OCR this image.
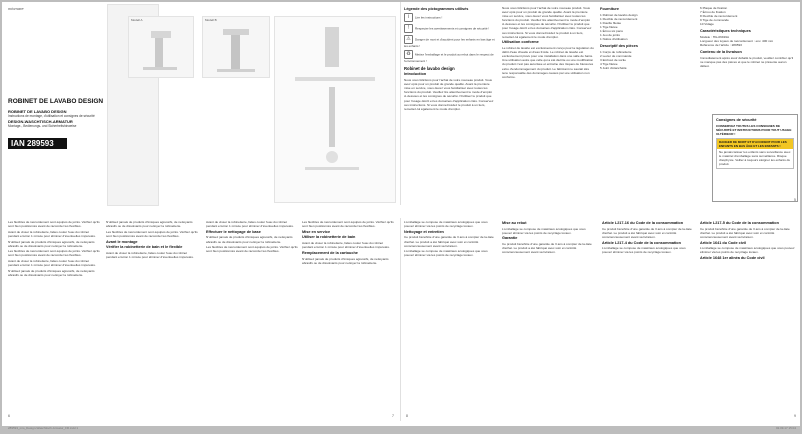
miomare
Modell A	Modell B
ROBINET DE LAVABO DESIGN
ROBINET DE LAVABO DESIGN
Instructions de montage, d'utilisation et consignes de sécurité
DESIGN-WASCHTISCH-ARMATUR
Montage-, Bedienungs- und Sicherheitshinweise
IAN 289593
Légende des pictogrammes utilisés
i Lire les instructions !
! Respecter les avertissements et consignes de sécurité !
⚠ Danger de mort et d'accident pour les enfants en bas âge et les enfants !
♻ Mettez l'emballage et le produit au rebut dans le respect de l'environnement !
Robinet de lavabo design
Introduction

Nous vous félicitons pour l'achat de votre nouveau produit. Vous avez opté pour un produit de grande qualité. Avant la première mise en service, vous devez vous familiariser avec toutes les fonctions du produit. Veuillez lire attentivement le mode d'emploi ci-dessous et les consignes de sécurité. N'utilisez le produit que pour l'usage décrit et les domaines d'application cités. Conservez ces instructions. Si vous donnez/cédez le produit à un tiers, remettez-lui également le mode d'emploi.

Nous vous félicitons pour l'achat de votre nouveau produit. Vous avez opté pour un produit de grande qualité. Avant la première mise en service, vous devez vous familiariser avec toutes les fonctions du produit. Veuillez lire attentivement le mode d'emploi ci-dessous et les consignes de sécurité. N'utilisez le produit que pour l'usage décrit et les domaines d'application cités. Conservez ces instructions. Si vous donnez/cédez le produit à un tiers, remettez-lui également le mode d'emploi.

Utilisation conforme

Le robinet de lavabo est exclusivement conçu pour la régulation du débit d'eau chaude et d'eau froide. Le robinet de lavabo est exclusivement prévu pour une installation dans une salle de bains. Une utilisation autre que celle qui a été décrite ou une modification du produit n'est pas autorisée et entraîne des risques de blessures et/ou d'endommagement du produit. Le fabricant ne saurait être tenu responsable des dommages causés par une utilisation non conforme.

Fourniture
1 Robinet de lavabo design
1 Flexible de raccordement
1 Douille filetée
1 Tige filetée
1 Écrou six pans
1 Jeu de joints
1 Notice d'utilisation
Descriptif des pièces
1 Corps de robinetterie
2 Levier de commande
3 Embout de sortie
4 Tige filetée
5 Joint d'étanchéité
6 Plaque de fixation
7 Écrou de fixation
8 Flexible de raccordement
9 Tige de commande
10 Vidage
Caractéristiques techniques
Modèle : HG-06919A
Longueur des tuyaux de raccordement : env. 400 mm
Référence de l'article : 289593
Contenu de la livraison

Immédiatement après avoir déballé le produit, veuillez contrôler qu'il ne manque pas des pièces et que le robinet ne présente aucun défaut.

Consignes de sécurité

CONSERVEZ TOUTES LES CONSIGNES DE SÉCURITÉ ET INSTRUCTIONS POUR TOUT USAGE ULTÉRIEUR !

DANGER DE MORT ET D'ACCIDENT POUR LES ENFANTS EN BAS ÂGE ET LES ENFANTS !
Ne jamais laisser les enfants sans surveillance avec le matériel d'emballage sans surveillance. Risque d'asphyxie. Veiller à toujours éloigner les enfants du produit.
5

Les flexibles de raccordement sont équipés de joints. Vérifiez qu'ils sont bien positionnés avant de raccorder les flexibles.

Avant de visser la robinetterie, faites couler l'eau du robinet pendant environ 1 minute pour éliminer d'éventuelles impuretés.

N'utilisez jamais de produits chimiques agressifs, de nettoyants abrasifs ou de dissolvants pour nettoyer la robinetterie.

Les flexibles de raccordement sont équipés de joints. Vérifiez qu'ils sont bien positionnés avant de raccorder les flexibles.

Avant de visser la robinetterie, faites couler l'eau du robinet pendant environ 1 minute pour éliminer d'éventuelles impuretés.

N'utilisez jamais de produits chimiques agressifs, de nettoyants abrasifs ou de dissolvants pour nettoyer la robinetterie.

N'utilisez jamais de produits chimiques agressifs, de nettoyants abrasifs ou de dissolvants pour nettoyer la robinetterie.

Les flexibles de raccordement sont équipés de joints. Vérifiez qu'ils sont bien positionnés avant de raccorder les flexibles.

Avant le montage
Vérifier la robinetterie de bain et le flexible

Avant de visser la robinetterie, faites couler l'eau du robinet pendant environ 1 minute pour éliminer d'éventuelles impuretés.

Avant de visser la robinetterie, faites couler l'eau du robinet pendant environ 1 minute pour éliminer d'éventuelles impuretés.

Effectuer le nettoyage de base

N'utilisez jamais de produits chimiques agressifs, de nettoyants abrasifs ou de dissolvants pour nettoyer la robinetterie.

Les flexibles de raccordement sont équipés de joints. Vérifiez qu'ils sont bien positionnés avant de raccorder les flexibles.

Les flexibles de raccordement sont équipés de joints. Vérifiez qu'ils sont bien positionnés avant de raccorder les flexibles.

Mise en service
Utiliser la robinetterie de bain

Avant de visser la robinetterie, faites couler l'eau du robinet pendant environ 1 minute pour éliminer d'éventuelles impuretés.

Remplacement de la cartouche

N'utilisez jamais de produits chimiques agressifs, de nettoyants abrasifs ou de dissolvants pour nettoyer la robinetterie.

6	7
289593_mio_Design-Waschtisch-Armatur_FR.indd 1

L'emballage se compose de matériaux écologiques que vous pouvez éliminer via les points de recyclage locaux.

Nettoyage et entretien

Ce produit bénéficie d'une garantie de 3 ans à compter de la date d'achat. Le produit a été fabriqué avec soin et contrôlé consciencieusement avant sa livraison.

L'emballage se compose de matériaux écologiques que vous pouvez éliminer via les points de recyclage locaux.

Mise au rebut

L'emballage se compose de matériaux écologiques que vous pouvez éliminer via les points de recyclage locaux.

Garantie

Ce produit bénéficie d'une garantie de 3 ans à compter de la date d'achat. Le produit a été fabriqué avec soin et contrôlé consciencieusement avant sa livraison.

Article L217-16 du Code de la consommation

Ce produit bénéficie d'une garantie de 3 ans à compter de la date d'achat. Le produit a été fabriqué avec soin et contrôlé consciencieusement avant sa livraison.

Article L217-4 du Code de la consommation

L'emballage se compose de matériaux écologiques que vous pouvez éliminer via les points de recyclage locaux.

Article L217-5 du Code de la consommation

Ce produit bénéficie d'une garantie de 3 ans à compter de la date d'achat. Le produit a été fabriqué avec soin et contrôlé consciencieusement avant sa livraison.

Article 1641 du Code civil

L'emballage se compose de matériaux écologiques que vous pouvez éliminer via les points de recyclage locaux.

Article 1648 1er alinéa du Code civil
8	9
02.09.17 15:04
